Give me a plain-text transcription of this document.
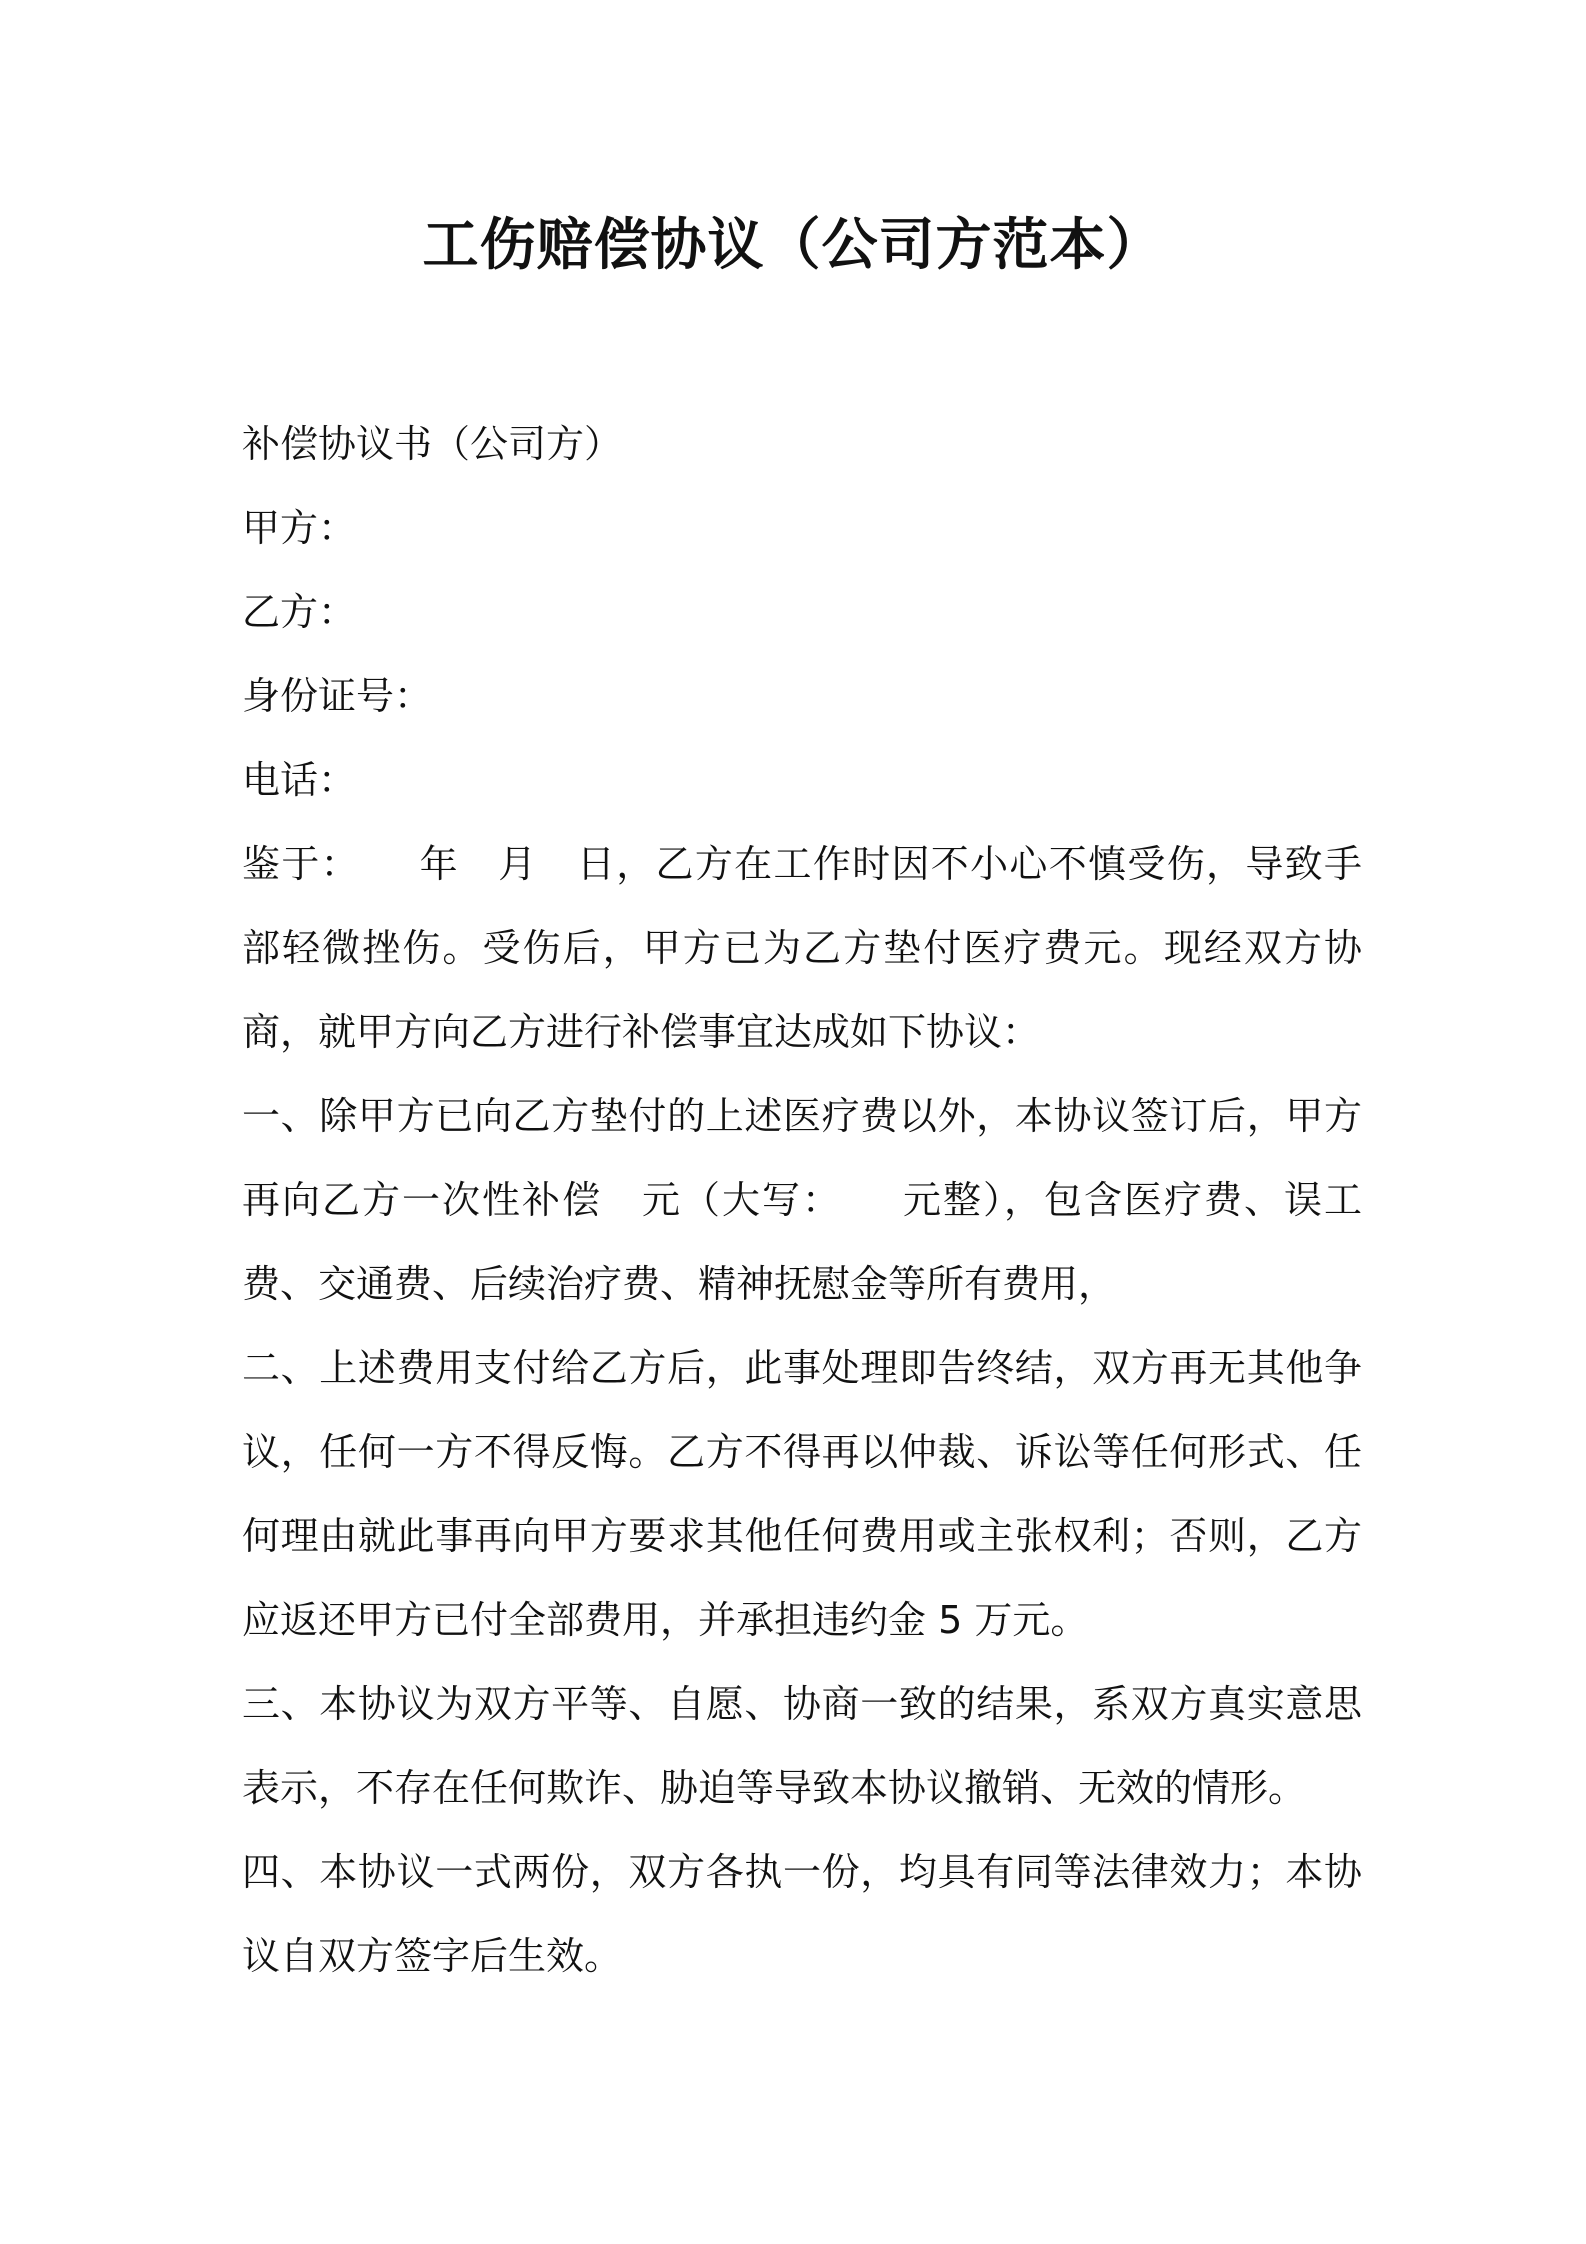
工伤赔偿协议（公司方范本）

补偿协议书（公司方）

甲方：

乙方：

身份证号：

电话：

鉴于：　　年　月　日，乙方在工作时因不小心不慎受伤，导致手部轻微挫伤。受伤后，甲方已为乙方垫付医疗费元。现经双方协商，就甲方向乙方进行补偿事宜达成如下协议：

一、除甲方已向乙方垫付的上述医疗费以外，本协议签订后，甲方再向乙方一次性补偿　元（大写：　　元整），包含医疗费、误工费、交通费、后续治疗费、精神抚慰金等所有费用，

二、上述费用支付给乙方后，此事处理即告终结，双方再无其他争议，任何一方不得反悔。乙方不得再以仲裁、诉讼等任何形式、任何理由就此事再向甲方要求其他任何费用或主张权利；否则，乙方应返还甲方已付全部费用，并承担违约金 5 万元。

三、本协议为双方平等、自愿、协商一致的结果，系双方真实意思表示，不存在任何欺诈、胁迫等导致本协议撤销、无效的情形。

四、本协议一式两份，双方各执一份，均具有同等法律效力；本协议自双方签字后生效。
